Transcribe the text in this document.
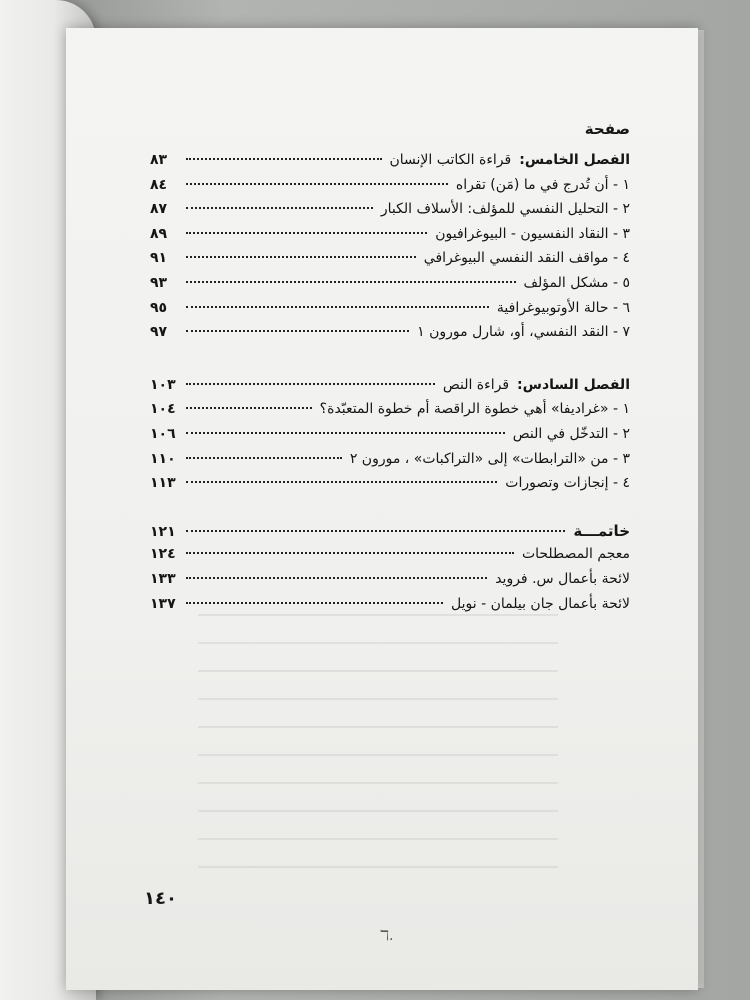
صفحة
الفصل الخامس:
قراءة الكاتب الإنسان
٨٣
١ - أن تُدرج في ما (مَن) تقراه
٨٤
٢ - التحليل النفسي للمؤلف: الأسلاف الكبار
٨٧
٣ - النقاد النفسيون - البيوغرافيون
٨٩
٤ - مواقف النقد النفسي البيوغرافي
٩١
٥ - مشكل المؤلف
٩٣
٦ - حالة الأوتوبيوغرافية
٩٥
٧ - النقد النفسي، أو، شارل مورون ١
٩٧
الفصل السادس:
قراءة النص
١٠٣
١ - «غراديفا» أهي خطوة الراقصة أم خطوة المتعبّدة؟
١٠٤
٢ - التدخّل في النص
١٠٦
٣ - من «الترابطات» إلى «التراكبات» ، مورون ٢
١١٠
٤ - إنجازات وتصورات
١١٣
خاتمـــة
١٢١
معجم المصطلحات
١٢٤
لائحة بأعمال س. فرويد
١٣٣
لائحة بأعمال جان بيلمان - نويل
١٣٧
١٤٠
ℸ.
